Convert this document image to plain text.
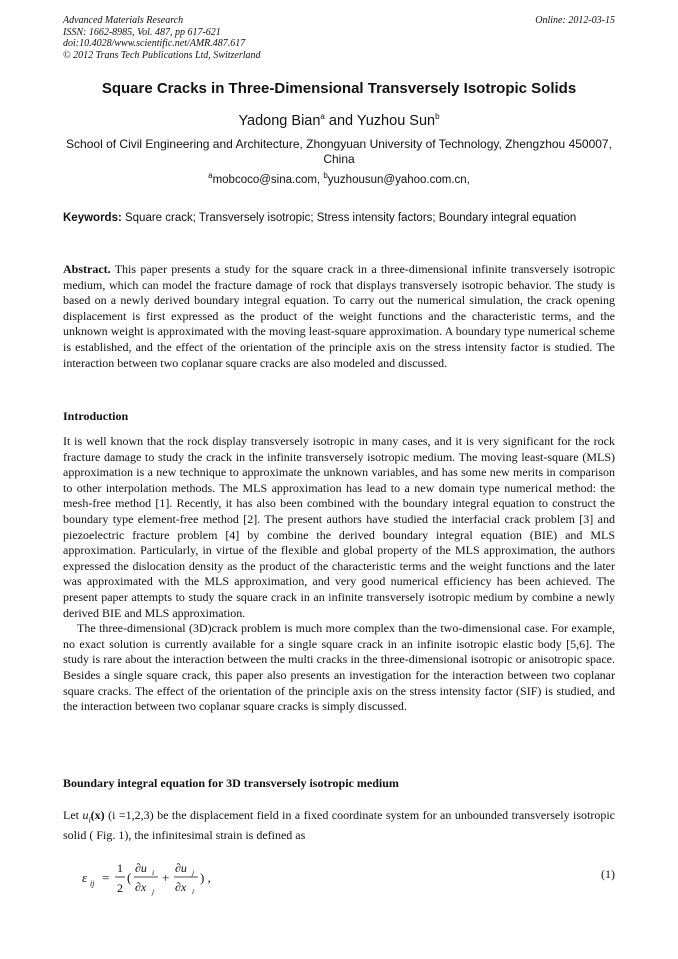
Advanced Materials Research
ISSN: 1662-8985, Vol. 487, pp 617-621
doi:10.4028/www.scientific.net/AMR.487.617
© 2012 Trans Tech Publications Ltd, Switzerland
Online: 2012-03-15
Square Cracks in Three-Dimensional Transversely Isotropic Solids
Yadong Bian$^a$ and Yuzhou Sun$^b$
School of Civil Engineering and Architecture, Zhongyuan University of Technology, Zhengzhou 450007, China
$^a$mobcoco@sina.com, $^b$yuzhousun@yahoo.com.cn,
Keywords: Square crack; Transversely isotropic; Stress intensity factors; Boundary integral equation
Abstract. This paper presents a study for the square crack in a three-dimensional infinite transversely isotropic medium, which can model the fracture damage of rock that displays transversely isotropic behavior. The study is based on a newly derived boundary integral equation. To carry out the numerical simulation, the crack opening displacement is first expressed as the product of the weight functions and the characteristic terms, and the unknown weight is approximated with the moving least-square approximation. A boundary type numerical scheme is established, and the effect of the orientation of the principle axis on the stress intensity factor is studied. The interaction between two coplanar square cracks are also modeled and discussed.
Introduction

It is well known that the rock display transversely isotropic in many cases, and it is very significant for the rock fracture damage to study the crack in the infinite transversely isotropic medium. The moving least-square (MLS) approximation is a new technique to approximate the unknown variables, and has some new merits in comparison to other interpolation methods. The MLS approximation has lead to a new domain type numerical method: the mesh-free method [1]. Recently, it has also been combined with the boundary integral equation to construct the boundary type element-free method [2]. The present authors have studied the interfacial crack problem [3] and piezoelectric fracture problem [4] by combine the derived boundary integral equation (BIE) and MLS approximation. Particularly, in virtue of the flexible and global property of the MLS approximation, the authors expressed the dislocation density as the product of the characteristic terms and the weight functions and the later was approximated with the MLS approximation, and very good numerical efficiency has been achieved. The present paper attempts to study the square crack in an infinite transversely isotropic medium by combine a newly derived BIE and MLS approximation.

The three-dimensional (3D)crack problem is much more complex than the two-dimensional case. For example, no exact solution is currently available for a single square crack in an infinite isotropic elastic body [5,6]. The study is rare about the interaction between the multi cracks in the three-dimensional isotropic or anisotropic space. Besides a single square crack, this paper also presents an investigation for the interaction between two coplanar square cracks. The effect of the orientation of the principle axis on the stress intensity factor (SIF) is studied, and the interaction between two coplanar square cracks is simply discussed.

Boundary integral equation for 3D transversely isotropic medium
Let $u_i(x)$ (i =1,2,3) be the displacement field in a fixed coordinate system for an unbounded transversely isotropic solid ( Fig. 1), the infinitesimal strain is defined as
ε ij =
1
2
(
∂u i
∂x j
+
∂u j
∂x i
) ,	(1)
